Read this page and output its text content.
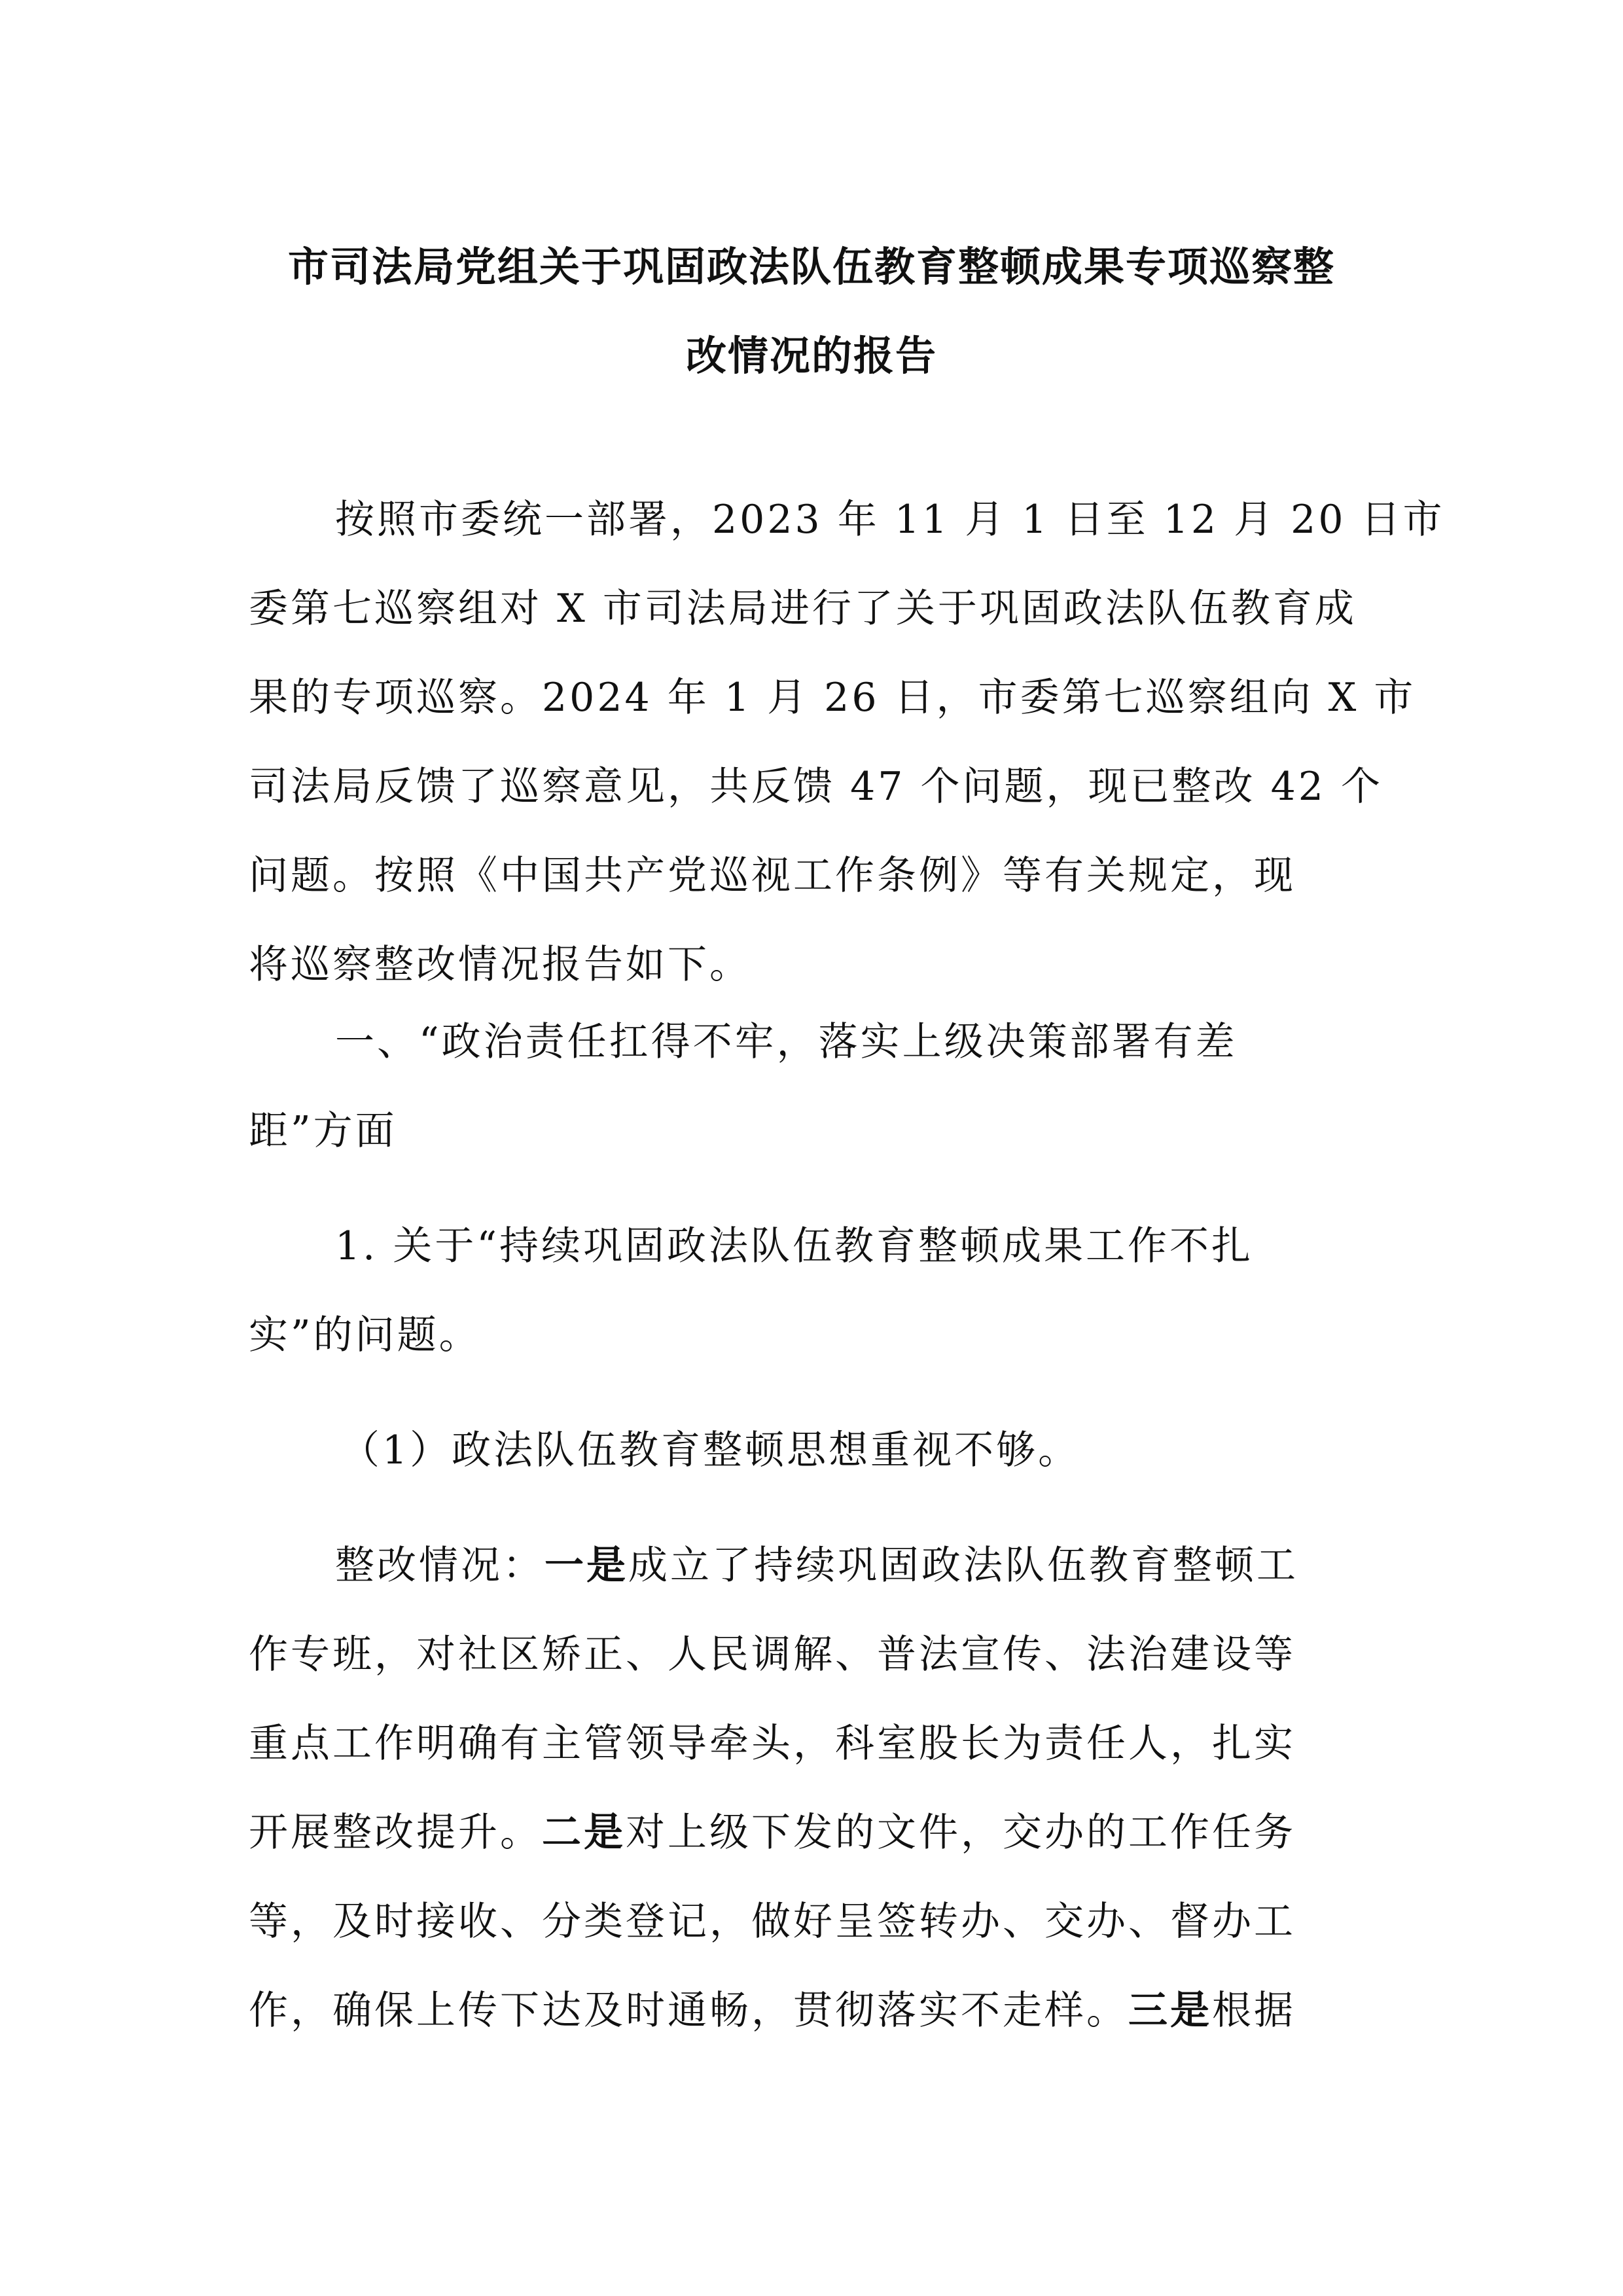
市司法局党组关于巩固政法队伍教育整顿成果专项巡察整
改情况的报告
按照市委统一部署，2023 年 11 月 1 日至 12 月 20 日市
委第七巡察组对 X 市司法局进行了关于巩固政法队伍教育成
果的专项巡察。2024 年 1 月 26 日，市委第七巡察组向 X 市
司法局反馈了巡察意见，共反馈 47 个问题，现已整改 42 个
问题。按照《中国共产党巡视工作条例》等有关规定，现
将巡察整改情况报告如下。
一、“政治责任扛得不牢，落实上级决策部署有差
距”方面
1. 关于“持续巩固政法队伍教育整顿成果工作不扎
实”的问题。
（1）政法队伍教育整顿思想重视不够。
整改情况：一是成立了持续巩固政法队伍教育整顿工
作专班，对社区矫正、人民调解、普法宣传、法治建设等
重点工作明确有主管领导牵头，科室股长为责任人，扎实
开展整改提升。二是对上级下发的文件，交办的工作任务
等，及时接收、分类登记，做好呈签转办、交办、督办工
作，确保上传下达及时通畅，贯彻落实不走样。三是根据
